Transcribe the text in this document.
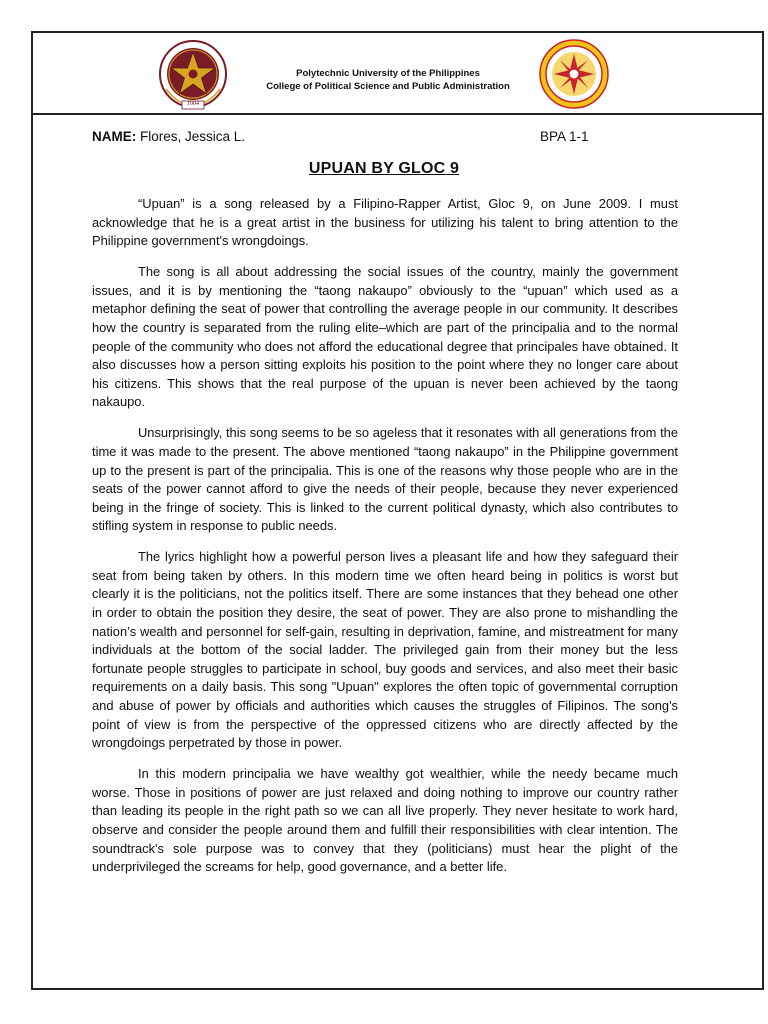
1904
Polytechnic University of the Philippines
College of Political Science and Public Administration
NAME: Flores, Jessica L.	BPA 1-1
UPUAN BY GLOC 9

“Upuan” is a song released by a Filipino-Rapper Artist, Gloc 9, on June 2009. I must acknowledge that he is a great artist in the business for utilizing his talent to bring attention to the Philippine government's wrongdoings.

The song is all about addressing the social issues of the country, mainly the government issues, and it is by mentioning the “taong nakaupo” obviously to the “upuan” which used as a metaphor defining the seat of power that controlling the average people in our community. It describes how the country is separated from the ruling elite–which are part of the principalia and to the normal people of the community who does not afford the educational degree that principales have obtained. It also discusses how a person sitting exploits his position to the point where they no longer care about his citizens. This shows that the real purpose of the upuan is never been achieved by the taong nakaupo.

Unsurprisingly, this song seems to be so ageless that it resonates with all generations from the time it was made to the present. The above mentioned “taong nakaupo” in the Philippine government up to the present is part of the principalia. This is one of the reasons why those people who are in the seats of the power cannot afford to give the needs of their people, because they never experienced being in the fringe of society. This is linked to the current political dynasty, which also contributes to stifling system in response to public needs.

The lyrics highlight how a powerful person lives a pleasant life and how they safeguard their seat from being taken by others. In this modern time we often heard being in politics is worst but clearly it is the politicians, not the politics itself. There are some instances that they behead one other in order to obtain the position they desire, the seat of power. They are also prone to mishandling the nation’s wealth and personnel for self-gain, resulting in deprivation, famine, and mistreatment for many individuals at the bottom of the social ladder. The privileged gain from their money but the less fortunate people struggles to participate in school, buy goods and services, and also meet their basic requirements on a daily basis. This song "Upuan" explores the often topic of governmental corruption and abuse of power by officials and authorities which causes the struggles of Filipinos. The song's point of view is from the perspective of the oppressed citizens who are directly affected by the wrongdoings perpetrated by those in power.

In this modern principalia we have wealthy got wealthier, while the needy became much worse. Those in positions of power are just relaxed and doing nothing to improve our country rather than leading its people in the right path so we can all live properly. They never hesitate to work hard, observe and consider the people around them and fulfill their responsibilities with clear intention. The soundtrack's sole purpose was to convey that they (politicians) must hear the plight of the underprivileged the screams for help, good governance, and a better life.
